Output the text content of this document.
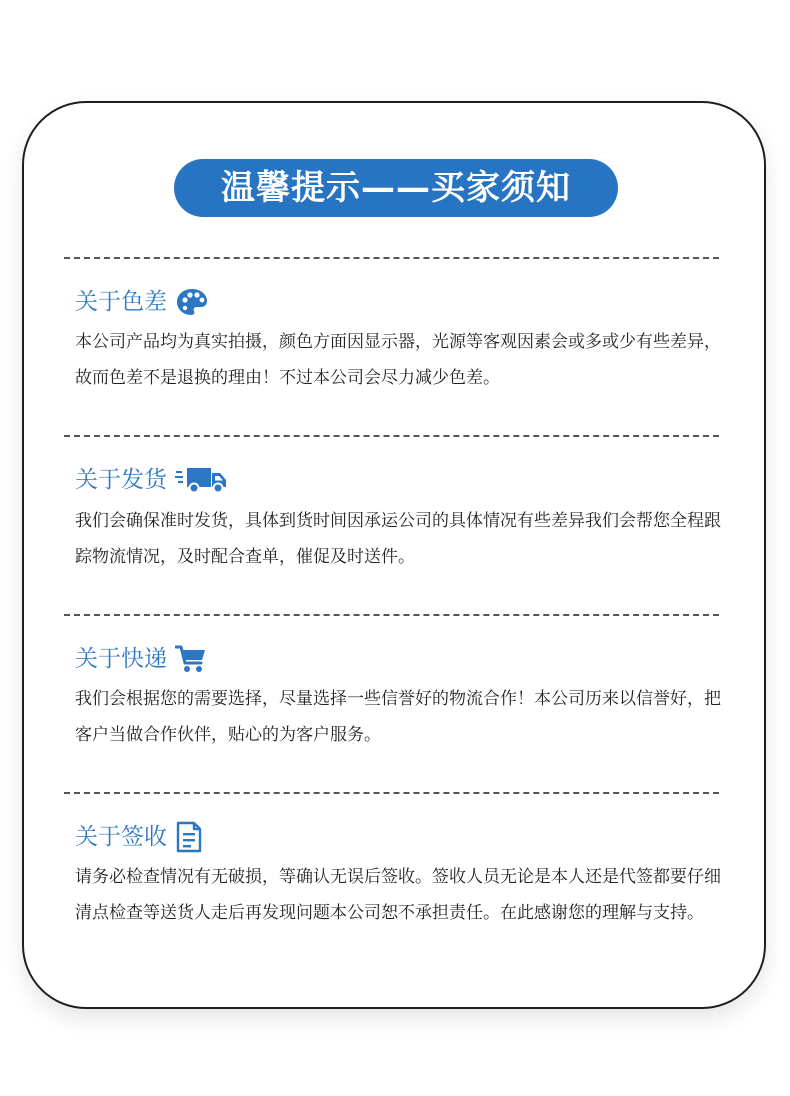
温馨提示——买家须知
关于色差
本公司产品均为真实拍摄，颜色方面因显示器，光源等客观因素会或多或少有些差异，故而色差不是退换的理由！不过本公司会尽力减少色差。
关于发货
我们会确保准时发货，具体到货时间因承运公司的具体情况有些差异我们会帮您全程跟踪物流情况，及时配合查单，催促及时送件。
关于快递
我们会根据您的需要选择，尽量选择一些信誉好的物流合作！本公司历来以信誉好，把客户当做合作伙伴，贴心的为客户服务。
关于签收
请务必检查情况有无破损，等确认无误后签收。签收人员无论是本人还是代签都要仔细清点检查等送货人走后再发现问题本公司恕不承担责任。在此感谢您的理解与支持。
